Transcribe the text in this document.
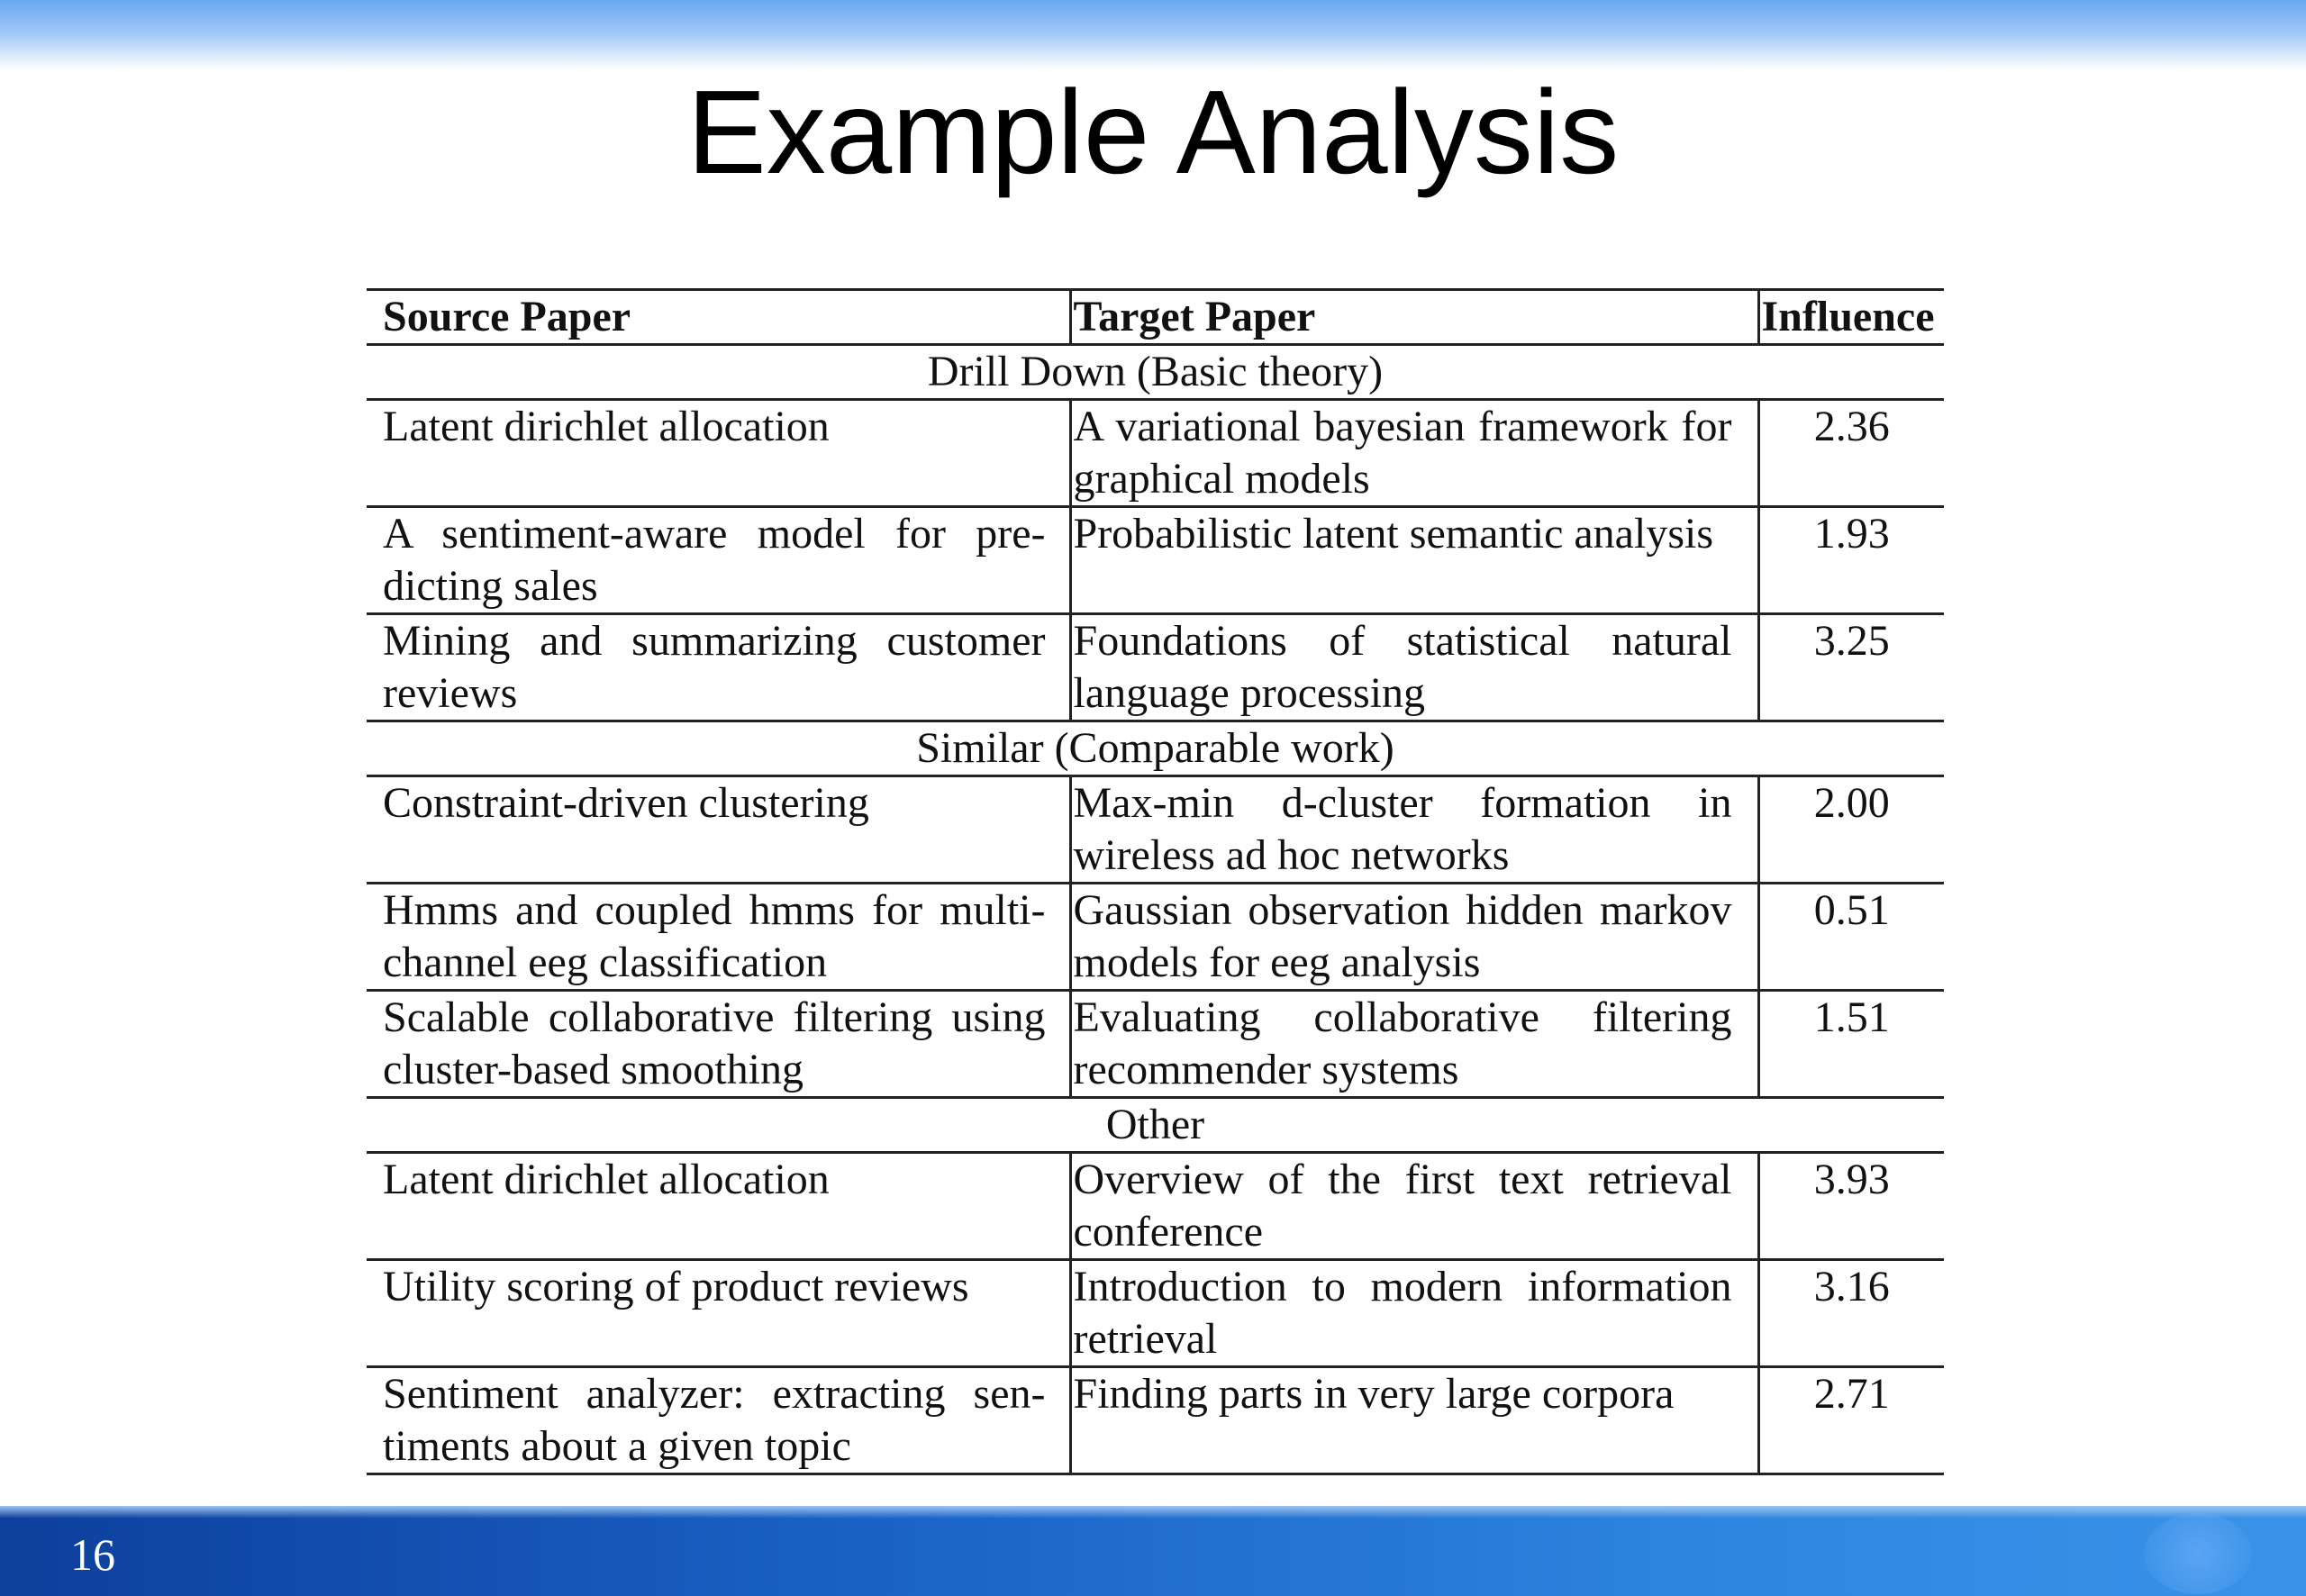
Example Analysis
Source Paper	Target Paper	Influence
Drill Down (Basic theory)		
Latent dirichlet allocation	A variational bayesian framework for graphical models	2.36
A sentiment-aware model for predicting sales	Probabilistic latent semantic analysis	1.93
Mining and summarizing customer reviews	Foundations of statistical natural language processing	3.25
Similar (Comparable work)		
Constraint-driven clustering	Max-min d-cluster formation in wireless ad hoc networks	2.00
Hmms and coupled hmms for multi-channel eeg classification	Gaussian observation hidden markov models for eeg analysis	0.51
Scalable collaborative filtering using cluster-based smoothing	Evaluating collaborative filtering recommender systems	1.51
Other		
Latent dirichlet allocation	Overview of the first text retrieval conference	3.93
Utility scoring of product reviews	Introduction to modern information retrieval	3.16
Sentiment analyzer: extracting sentiments about a given topic	Finding parts in very large corpora	2.71
16
